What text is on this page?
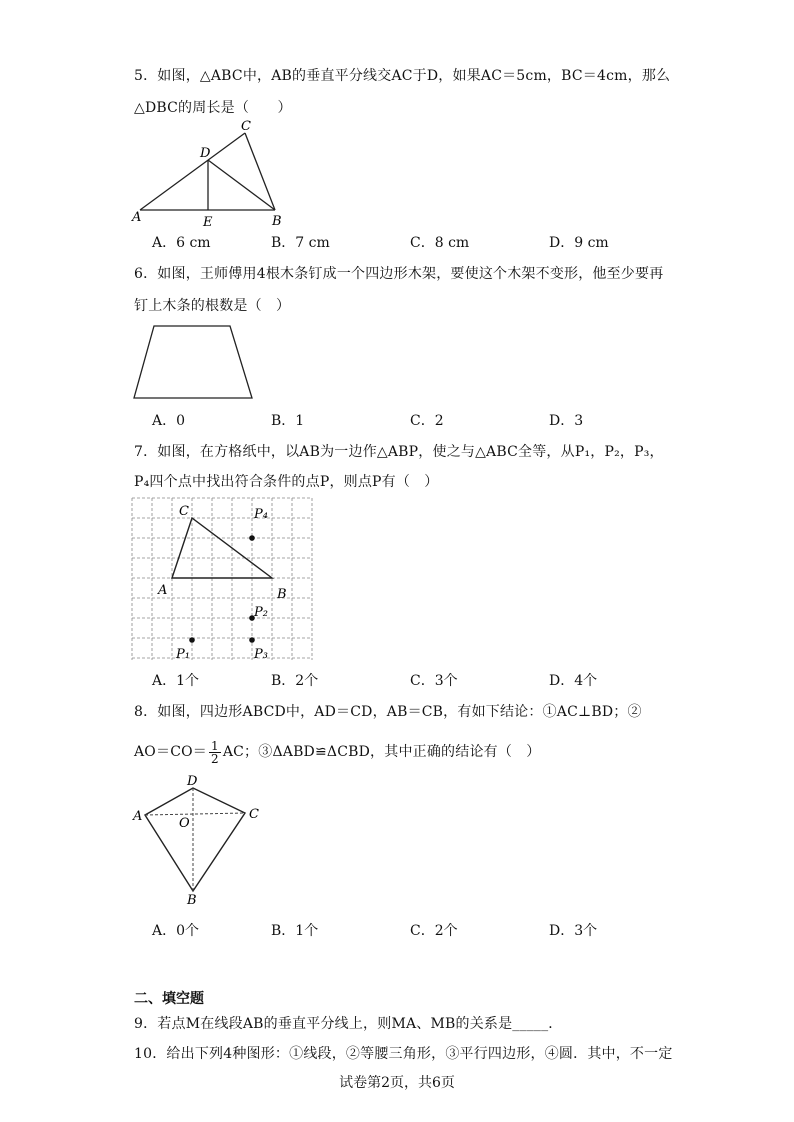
5．如图，△ABC中，AB的垂直平分线交AC于D，如果AC＝5cm，BC＝4cm，那么
△DBC的周长是（　　）
A	B
C
D
E
A．6 cm	B．7 cm	C．8 cm	D．9 cm
6．如图，王师傅用4根木条钉成一个四边形木架，要使这个木架不变形，他至少要再
钉上木条的根数是（　）
A．0	B．1	C．2	D．3
7．如图，在方格纸中，以AB为一边作△ABP，使之与△ABC全等，从P₁，P₂，P₃，
P₄四个点中找出符合条件的点P，则点P有（　）
C
A	B
P₄
P₂
P₃
P₁
A．1个	B．2个	C．3个	D．4个
8．如图，四边形ABCD中，AD＝CD，AB＝CB，有如下结论：①AC⊥BD；②
$AO=CO= \frac{1}{2}$ AC；③ΔABD≌ΔCBD，其中正确的结论有（　）
D
A	C
O
B
A．0个	B．1个	C．2个	D．3个
二、填空题
9．若点M在线段AB的垂直平分线上，则MA、MB的关系是_____．
10．给出下列4种图形：①线段，②等腰三角形，③平行四边形，④圆．其中，不一定
试卷第2页，共6页
